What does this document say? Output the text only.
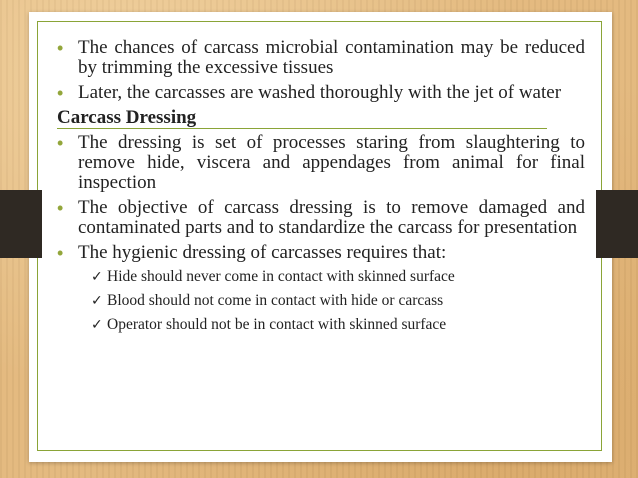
• The chances of carcass microbial contamination may be reduced by trimming the excessive tissues
• Later, the carcasses are washed thoroughly with the jet of water
Carcass Dressing
• The dressing is set of processes staring from slaughtering to remove hide, viscera and appendages from animal for final inspection
• The objective of carcass dressing is to remove damaged and contaminated parts and to standardize the carcass for presentation
• The hygienic dressing of carcasses requires that:
✓ Hide should never come in contact with skinned surface
✓ Blood should not come in contact with hide or carcass
✓ Operator should not be in contact with skinned surface
